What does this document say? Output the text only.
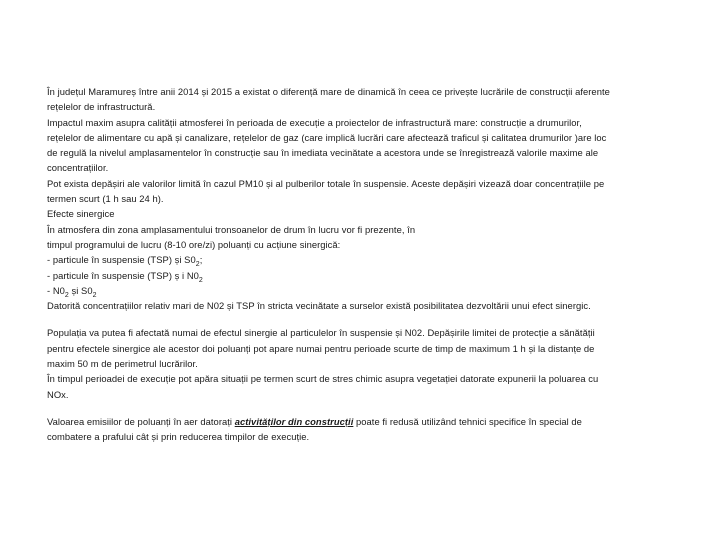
În județul Maramureș între anii 2014 și 2015 a existat o diferență mare de dinamică în ceea ce privește lucrările de construcții aferente
rețelelor de infrastructură.
Impactul maxim asupra calității atmosferei în perioada de execuție a proiectelor de infrastructură mare: construcție a drumurilor,
rețelelor de alimentare cu apă și canalizare, rețelelor de gaz (care implică lucrări care afectează traficul și calitatea drumurilor )are loc
de regulă la nivelul amplasamentelor în construcție sau în imediata vecinătate a acestora unde se înregistrează valorile maxime ale
concentrațiilor.
Pot exista depășiri ale valorilor limită în cazul PM10 și al pulberilor totale în suspensie. Aceste depășiri vizează doar concentrațiile pe
termen scurt (1 h sau 24 h).
Efecte sinergice
În atmosfera din zona amplasamentului tronsoanelor de drum în lucru vor fi prezente, în
timpul programului de lucru (8-10 ore/zi) poluanți cu acțiune sinergică:
- particule în suspensie (TSP) și $S0_2$;
- particule în suspensie (TSP) ș i $N0_2$
- $N0_2$ și $S0_2$
Datorită concentrațiilor relativ mari de N02 și TSP în stricta vecinătate a surselor există posibilitatea dezvoltării unui efect sinergic.
Populația va putea fi afectată numai de efectul sinergie al particulelor în suspensie și N02. Depășirile limitei de protecție a sănătății
pentru efectele sinergice ale acestor doi poluanți pot apare numai pentru perioade scurte de timp de maximum 1 h și la distanțe de
maxim 50 m de perimetrul lucrărilor.
În timpul perioadei de execuție pot apăra situații pe termen scurt de stres chimic asupra vegetației datorate expunerii la poluarea cu
NOx.
Valoarea emisiilor de poluanți în aer datorați activităților din construcții poate fi redusă utilizând tehnici specifice în special de
combatere a prafului cât și prin reducerea timpilor de execuție.
